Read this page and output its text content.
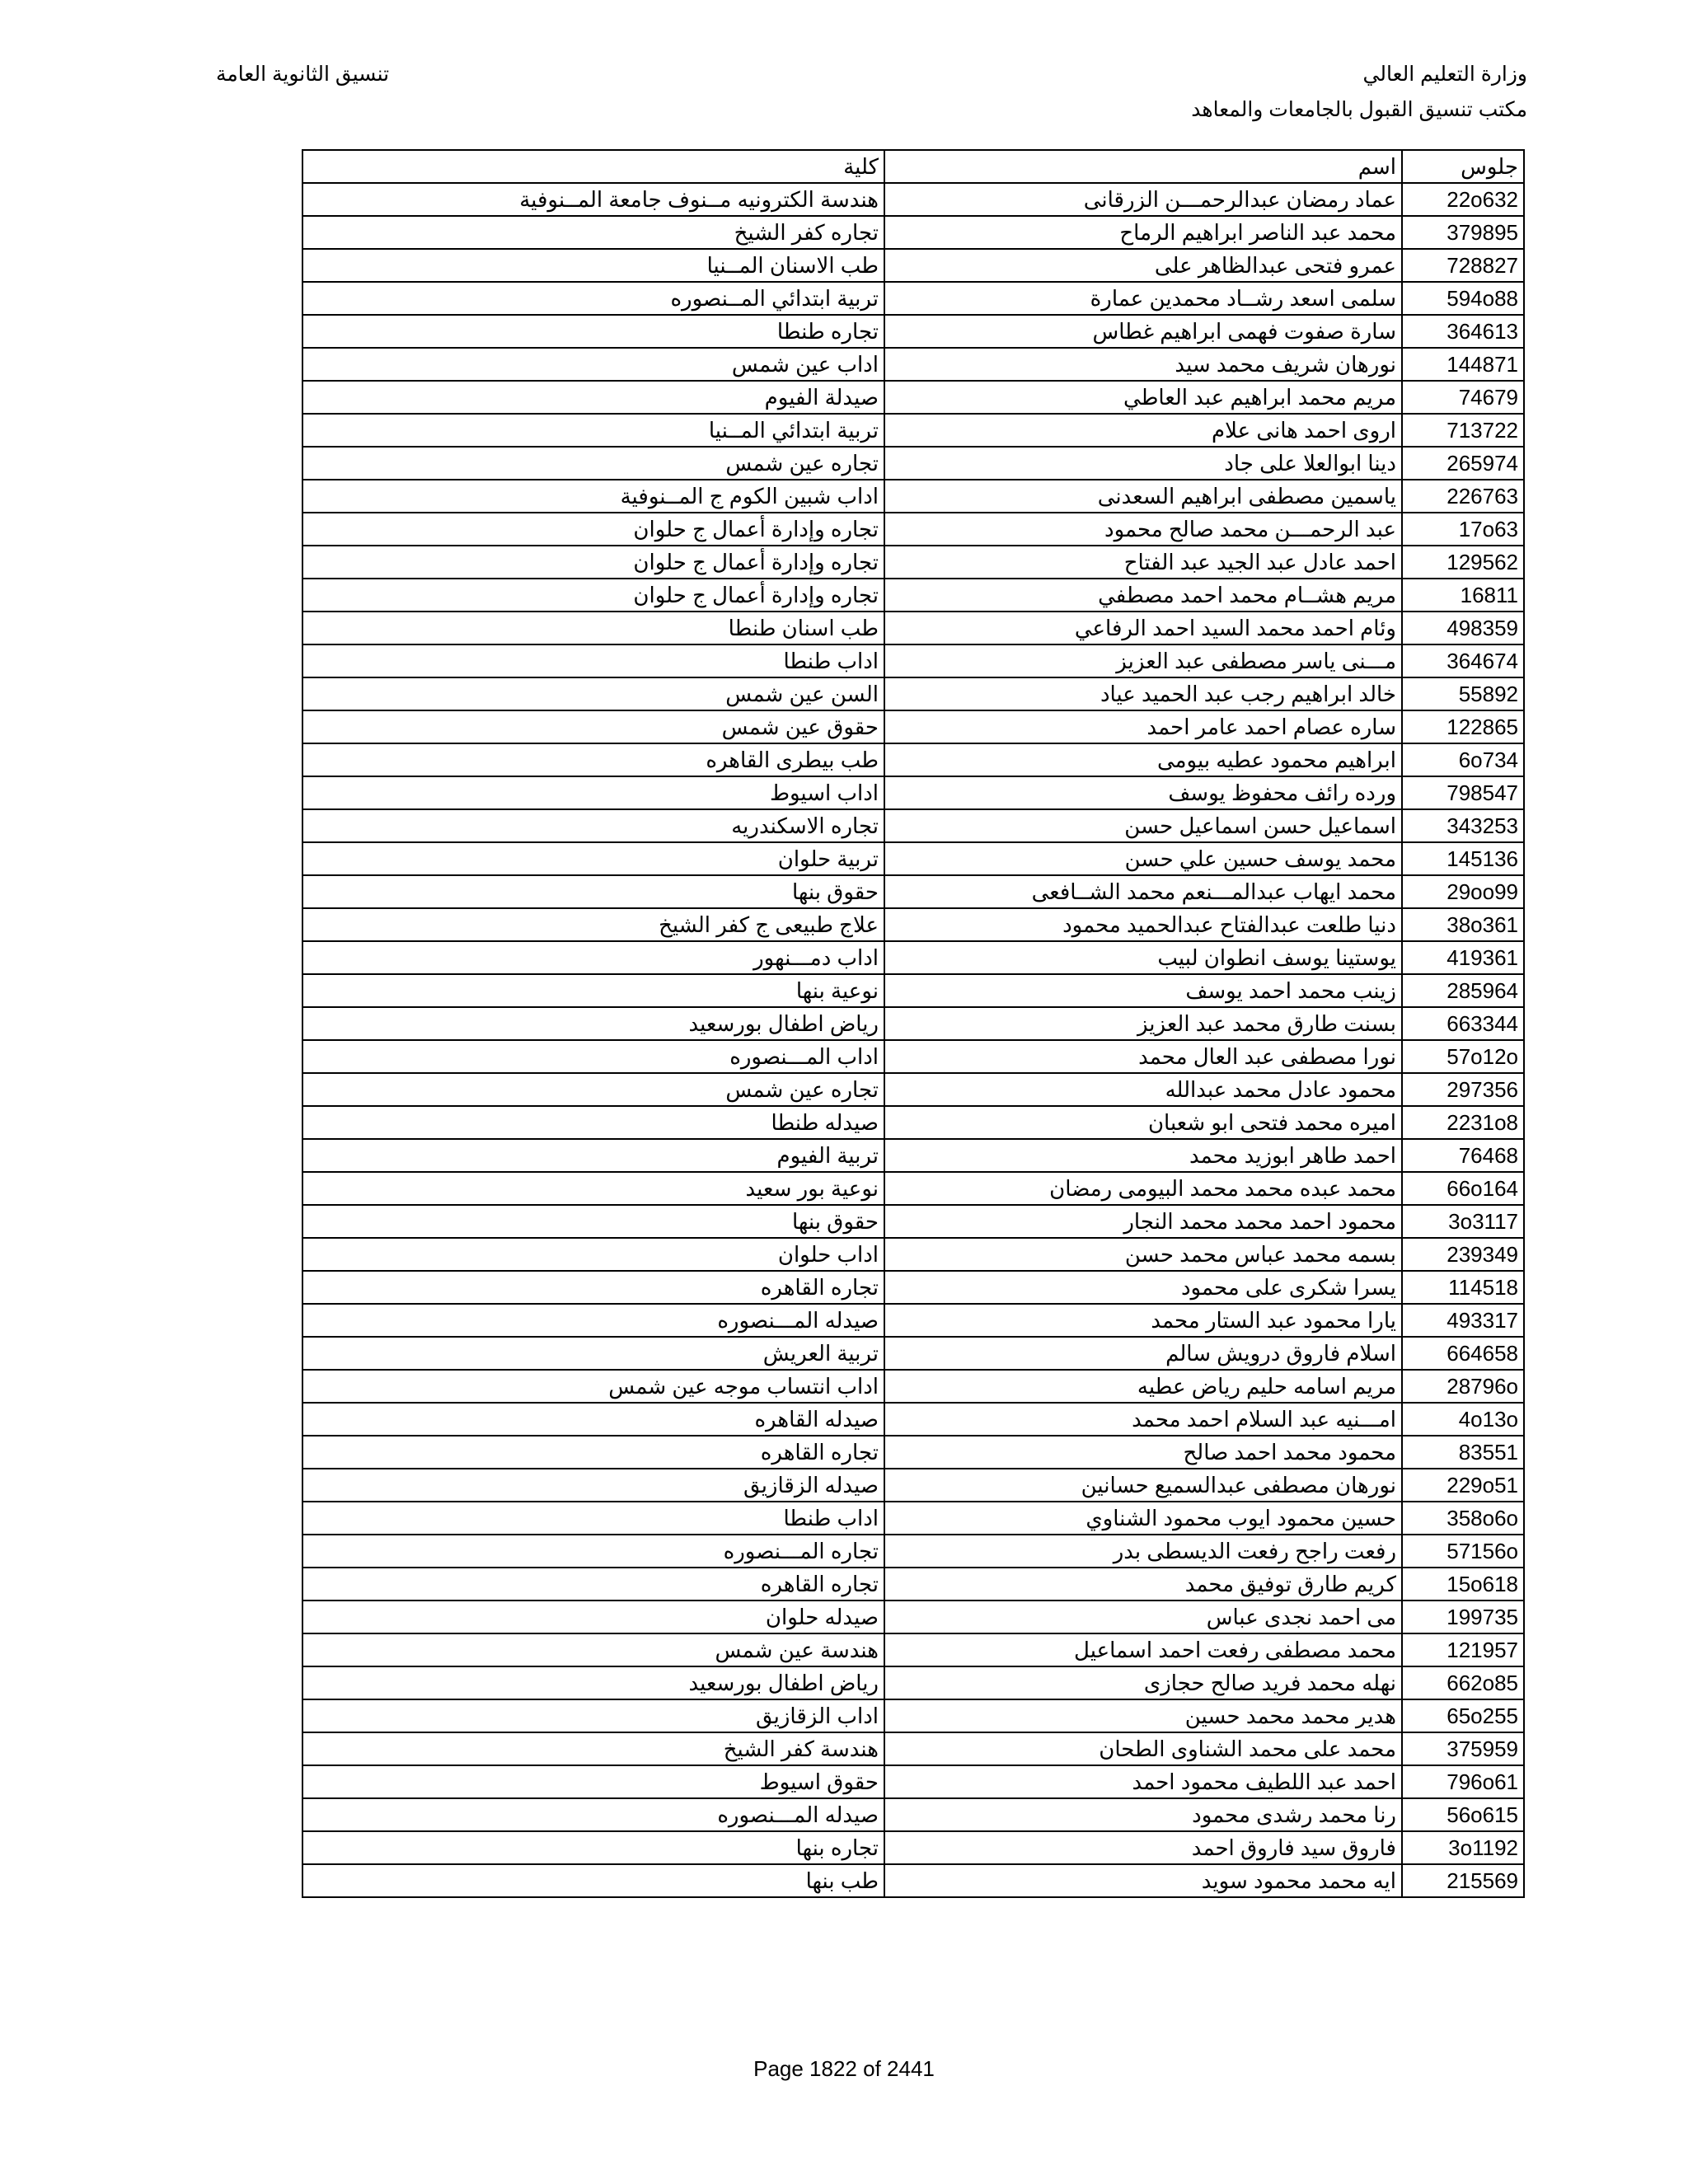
وزارة التعليم العالي
مكتب تنسيق القبول بالجامعات والمعاهد
تنسيق الثانوية العامة
جلوس	اسم	كلية
22o632	عماد رمضان عبدالرحمـــن الزرقانى	هندسة الكترونيه مــنوف جامعة المــنوفية
379895	محمد عبد الناصر ابراهيم الرماح	تجاره كفر الشيخ
728827	عمرو فتحى عبدالظاهر على	طب الاسنان المــنيا
594o88	سلمى اسعد رشــاد محمدين عمارة	تربية ابتدائي المــنصوره
364613	سارة صفوت فهمى ابراهيم غطاس	تجاره طنطا
144871	نورهان شريف محمد سيد	اداب عين شمس
74679	مريم محمد ابراهيم عبد العاطي	صيدلة الفيوم
713722	اروى احمد هانى علام	تربية ابتدائي المــنيا
265974	دينا ابوالعلا على جاد	تجاره عين شمس
226763	ياسمين مصطفى ابراهيم السعدنى	اداب شبين الكوم ج المــنوفية
17o63	عبد الرحمـــن محمد صالح محمود	تجاره وإدارة أعمال ج حلوان
129562	احمد عادل عبد الجيد عبد الفتاح	تجاره وإدارة أعمال ج حلوان
16811	مريم هشــام محمد احمد مصطفي	تجاره وإدارة أعمال ج حلوان
498359	وئام احمد محمد السيد احمد الرفاعي	طب اسنان طنطا
364674	مـــنى ياسر مصطفى عبد العزيز	اداب طنطا
55892	خالد ابراهيم رجب عبد الحميد عياد	السن عين شمس
122865	ساره عصام احمد عامر احمد	حقوق عين شمس
6o734	ابراهيم محمود عطيه بيومى	طب بيطرى القاهره
798547	ورده رائف محفوظ يوسف	اداب اسيوط
343253	اسماعيل حسن اسماعيل حسن	تجاره الاسكندريه
145136	محمد يوسف حسين علي حسن	تربية حلوان
29oo99	محمد ايهاب عبدالمـــنعم محمد الشــافعى	حقوق بنها
38o361	دنيا طلعت عبدالفتاح عبدالحميد محمود	علاج طبيعى ج كفر الشيخ
419361	يوستينا يوسف انطوان لبيب	اداب دمـــنهور
285964	زينب محمد احمد يوسف	نوعية بنها
663344	بسنت طارق محمد عبد العزيز	رياض اطفال بورسعيد
57o12o	نورا مصطفى عبد العال محمد	اداب المـــنصوره
297356	محمود عادل محمد عبدالله	تجاره عين شمس
2231o8	اميره محمد فتحى ابو شعبان	صيدله طنطا
76468	احمد طاهر ابوزيد محمد	تربية الفيوم
66o164	محمد عبده محمد محمد البيومى رمضان	نوعية بور سعيد
3o3117	محمود احمد محمد محمد النجار	حقوق بنها
239349	بسمه محمد عباس محمد حسن	اداب حلوان
114518	يسرا شكرى على محمود	تجاره القاهره
493317	يارا محمود عبد الستار محمد	صيدله المـــنصوره
664658	اسلام فاروق درويش سالم	تربية العريش
28796o	مريم اسامه حليم رياض عطيه	اداب انتساب موجه عين شمس
4o13o	امـــنيه عبد السلام احمد محمد	صيدله القاهره
83551	محمود محمد احمد صالح	تجاره القاهره
229o51	نورهان مصطفى عبدالسميع حسانين	صيدله الزقازيق
358o6o	حسين محمود ايوب محمود الشناوي	اداب طنطا
57156o	رفعت راجح رفعت الديسطى بدر	تجاره المـــنصوره
15o618	كريم طارق توفيق محمد	تجاره القاهره
199735	مى احمد نجدى عباس	صيدله حلوان
121957	محمد مصطفى رفعت احمد اسماعيل	هندسة عين شمس
662o85	نهله محمد فريد صالح حجازى	رياض اطفال بورسعيد
65o255	هدير محمد محمد حسين	اداب الزقازيق
375959	محمد على محمد الشناوى الطحان	هندسة كفر الشيخ
796o61	احمد عبد اللطيف محمود احمد	حقوق اسيوط
56o615	رنا محمد رشدى محمود	صيدله المـــنصوره
3o1192	فاروق سيد فاروق احمد	تجاره بنها
215569	ايه محمد محمود سويد	طب بنها
Page 1822 of 2441
